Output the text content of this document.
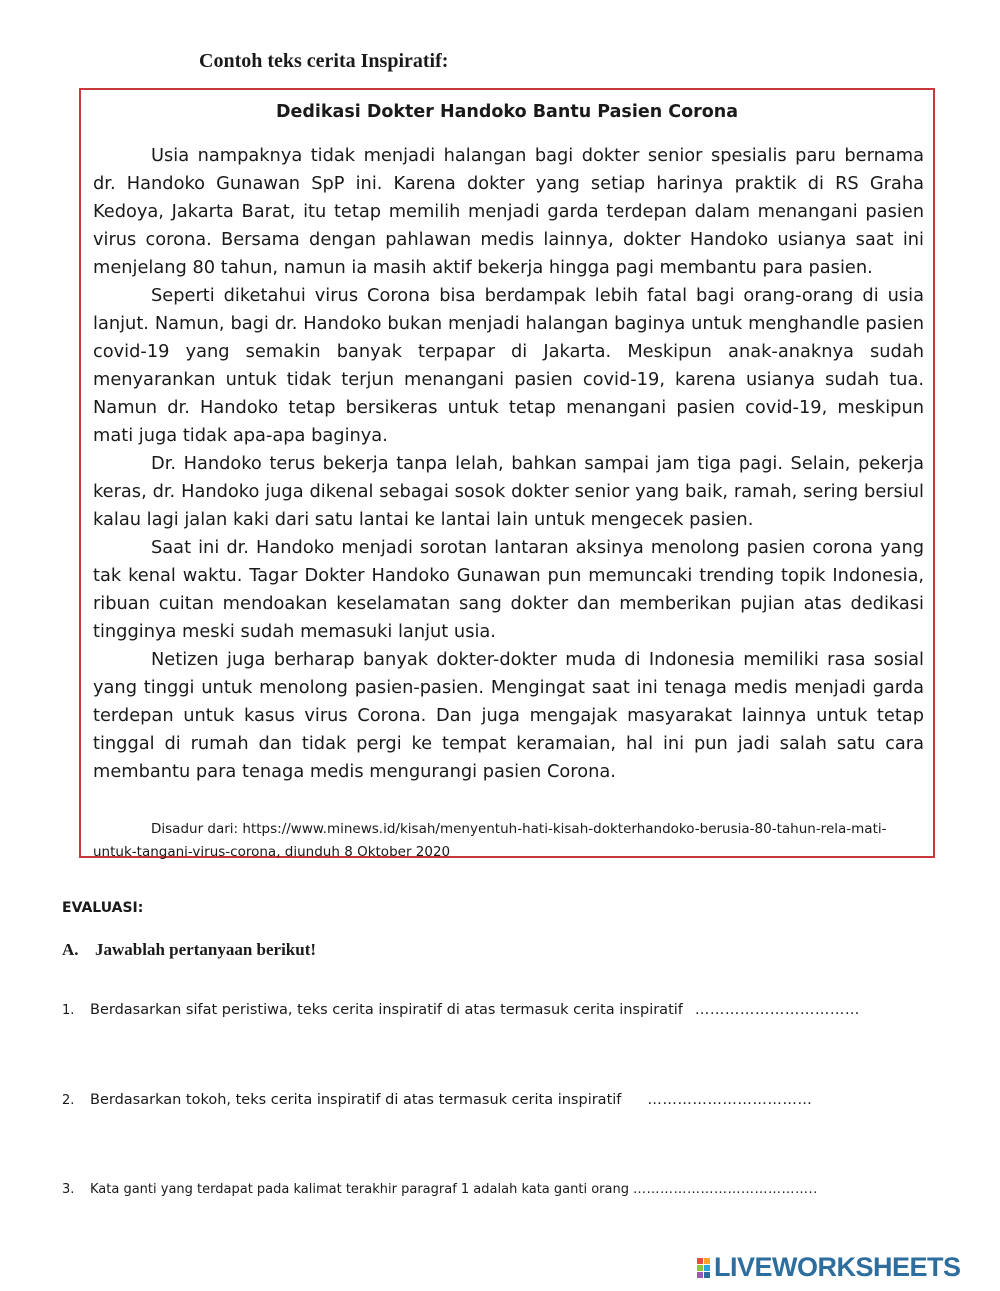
Contoh teks cerita Inspiratif:
Dedikasi Dokter Handoko Bantu Pasien Corona

Usia nampaknya tidak menjadi halangan bagi dokter senior spesialis paru bernama dr. Handoko Gunawan SpP ini. Karena dokter yang setiap harinya praktik di RS Graha Kedoya, Jakarta Barat, itu tetap memilih menjadi garda terdepan dalam menangani pasien virus corona. Bersama dengan pahlawan medis lainnya, dokter Handoko usianya saat ini menjelang 80 tahun, namun ia masih aktif bekerja hingga pagi membantu para pasien.

Seperti diketahui virus Corona bisa berdampak lebih fatal bagi orang-orang di usia lanjut. Namun, bagi dr. Handoko bukan menjadi halangan baginya untuk menghandle pasien covid-19 yang semakin banyak terpapar di Jakarta. Meskipun anak-anaknya sudah menyarankan untuk tidak terjun menangani pasien covid-19, karena usianya sudah tua. Namun dr. Handoko tetap bersikeras untuk tetap menangani pasien covid-19, meskipun mati juga tidak apa-apa baginya.

Dr. Handoko terus bekerja tanpa lelah, bahkan sampai jam tiga pagi. Selain, pekerja keras, dr. Handoko juga dikenal sebagai sosok dokter senior yang baik, ramah, sering bersiul kalau lagi jalan kaki dari satu lantai ke lantai lain untuk mengecek pasien.

Saat ini dr. Handoko menjadi sorotan lantaran aksinya menolong pasien corona yang tak kenal waktu. Tagar Dokter Handoko Gunawan pun memuncaki trending topik Indonesia, ribuan cuitan mendoakan keselamatan sang dokter dan memberikan pujian atas dedikasi tingginya meski sudah memasuki lanjut usia.

Netizen juga berharap banyak dokter-dokter muda di Indonesia memiliki rasa sosial yang tinggi untuk menolong pasien-pasien. Mengingat saat ini tenaga medis menjadi garda terdepan untuk kasus virus Corona. Dan juga mengajak masyarakat lainnya untuk tetap tinggal di rumah dan tidak pergi ke tempat keramaian, hal ini pun jadi salah satu cara membantu para tenaga medis mengurangi pasien Corona.

Disadur dari: https://www.minews.id/kisah/menyentuh-hati-kisah-dokterhandoko-berusia-80-tahun-rela-mati-untuk-tangani-virus-corona, diunduh 8 Oktober 2020

EVALUASI:

A. Jawablah pertanyaan berikut!

1. Berdasarkan sifat peristiwa, teks cerita inspiratif di atas termasuk cerita inspiratif ……………………………

2. Berdasarkan tokoh, teks cerita inspiratif di atas termasuk cerita inspiratif ……………………………

3. Kata ganti yang terdapat pada kalimat terakhir paragraf 1 adalah kata ganti orang …………………………………..

LIVEWORKSHEETS
